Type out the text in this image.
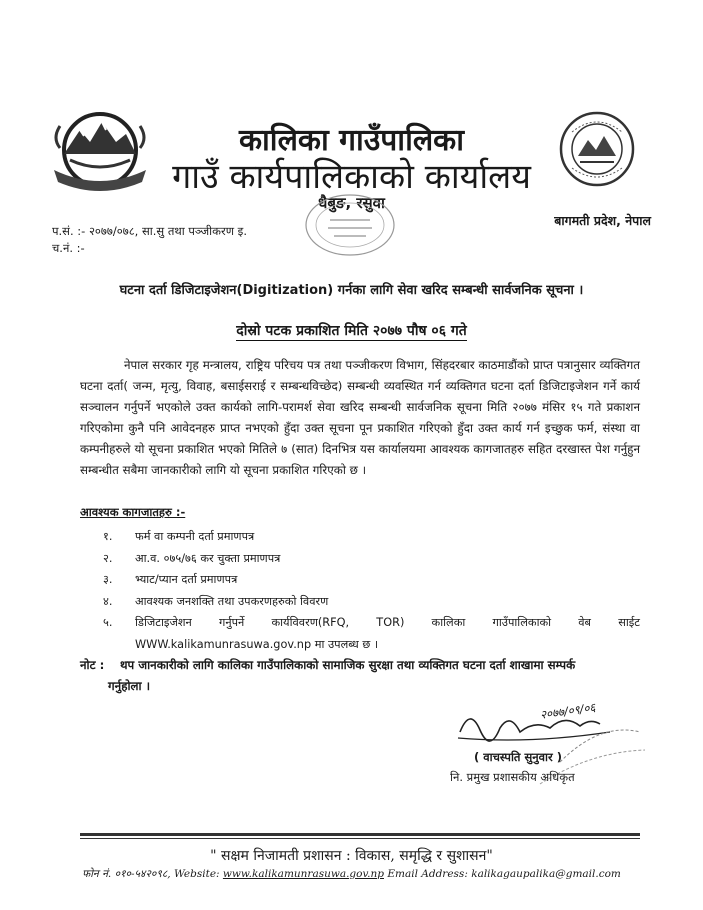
कालिका गाउँपालिका
गाउँ कार्यपालिकाको कार्यालय
धैबुङ, रसुवा
बागमती प्रदेश, नेपाल
प.सं. :- २०७७/०७८, सा.सु तथा पञ्जीकरण इ.
च.नं. :-
घटना दर्ता डिजिटाइजेशन(Digitization) गर्नका लागि सेवा खरिद सम्बन्धी सार्वजनिक सूचना ।
दोस्रो पटक प्रकाशित मिति २०७७ पौष ०६ गते
नेपाल सरकार गृह मन्त्रालय, राष्ट्रिय परिचय पत्र तथा पञ्जीकरण विभाग, सिंहदरबार काठमाडौंको प्राप्त पत्रानुसार व्यक्तिगत घटना दर्ता( जन्म, मृत्यु, विवाह, बसाईसराई र सम्बन्धविच्छेद) सम्बन्धी व्यवस्थित गर्न व्यक्तिगत घटना दर्ता डिजिटाइजेशन गर्ने कार्य सञ्चालन गर्नुपर्ने भएकोले उक्त कार्यको लागि-परामर्श सेवा खरिद सम्बन्धी सार्वजनिक सूचना मिति २०७७ मंसिर १५ गते प्रकाशन गरिएकोमा कुनै पनि आवेदनहरु प्राप्त नभएको हुँदा उक्त सूचना पून प्रकाशित गरिएको हुँदा उक्त कार्य गर्न इच्छुक फर्म, संस्था वा कम्पनीहरुले यो सूचना प्रकाशित भएको मितिले ७ (सात) दिनभित्र यस कार्यालयमा आवश्यक कागजातहरु सहित दरखास्त पेश गर्नुहुन सम्बन्धीत सबैमा जानकारीको लागि यो सूचना प्रकाशित गरिएको छ ।
आवश्यक कागजातहरु :-
१.	फर्म वा कम्पनी दर्ता प्रमाणपत्र
२.	आ.व. ०७५/७६ कर चुक्ता प्रमाणपत्र
३.	भ्याट/प्यान दर्ता प्रमाणपत्र
४.	आवश्यक जनशक्ति तथा उपकरणहरुको विवरण
५.	डिजिटाइजेशन गर्नुपर्ने कार्यविवरण(RFQ, TOR) कालिका गाउँपालिकाको वेब साईट
WWW.kalikamunrasuwa.gov.np मा उपलब्ध छ ।
नोट : थप जानकारीको लागि कालिका गाउँपालिकाको सामाजिक सुरक्षा तथा व्यक्तिगत घटना दर्ता शाखामा सम्पर्क
गर्नुहोला ।
२०७७/०९/०६
( वाचस्पति सुनुवार )
नि. प्रमुख प्रशासकीय अधिकृत
" सक्षम निजामती प्रशासन : विकास, समृद्धि र सुशासन"
फोन नं. ०१०-५४२०९८, Website: www.kalikamunrasuwa.gov.np Email Address: kalikagaupalika@gmail.com
